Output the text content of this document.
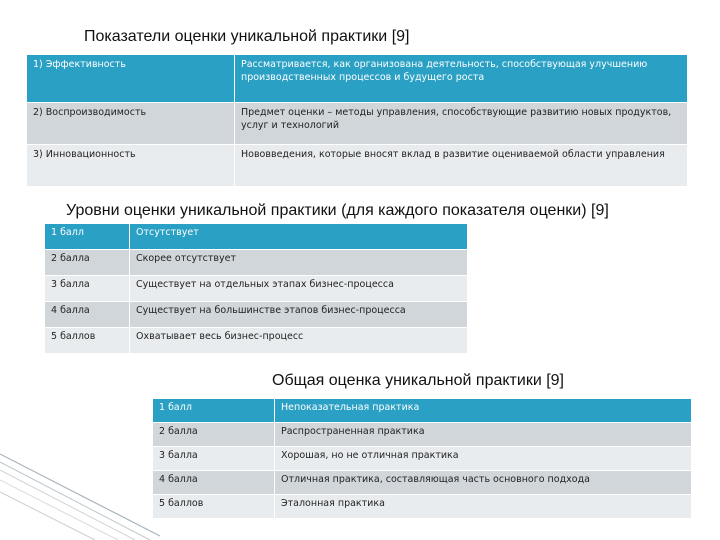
Показатели оценки уникальной практики [9]
1) Эффективность	Рассматривается, как организована деятельность, способствующая улучшению производственных процессов и будущего роста
2) Воспроизводимость	Предмет оценки – методы управления, способствующие развитию новых продуктов, услуг и технологий
3) Инновационность	Нововведения, которые вносят вклад в развитие оцениваемой области управления
Уровни оценки уникальной практики (для каждого показателя оценки) [9]
1 балл	Отсутствует
2 балла	Скорее отсутствует
3 балла	Существует на отдельных этапах бизнес-процесса
4 балла	Существует на большинстве этапов бизнес-процесса
5 баллов	Охватывает весь бизнес-процесс
Общая оценка уникальной практики [9]
1 балл	Непоказательная практика
2 балла	Распространенная практика
3 балла	Хорошая, но не отличная практика
4 балла	Отличная практика, составляющая часть основного подхода
5 баллов	Эталонная практика
